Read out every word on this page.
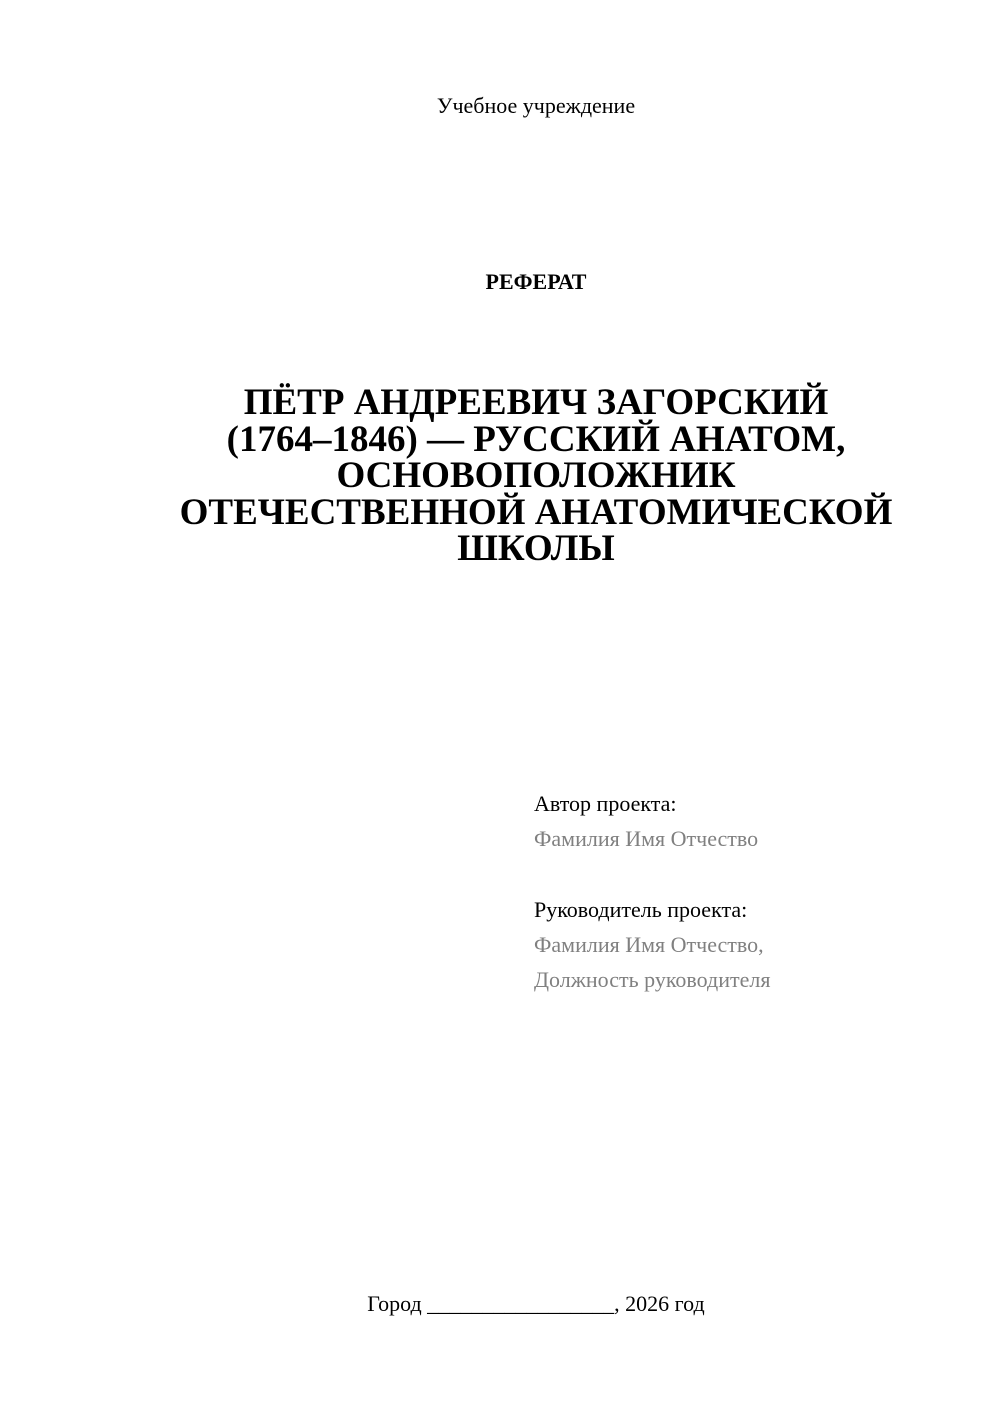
Учебное учреждение
РЕФЕРАТ
ПЁТР АНДРЕЕВИЧ ЗАГОРСКИЙ
(1764–1846) — РУССКИЙ АНАТОМ,
ОСНОВОПОЛОЖНИК
ОТЕЧЕСТВЕННОЙ АНАТОМИЧЕСКОЙ
ШКОЛЫ
Автор проекта:
Фамилия Имя Отчество
Руководитель проекта:
Фамилия Имя Отчество,
Должность руководителя
Город _________________, 2026 год
